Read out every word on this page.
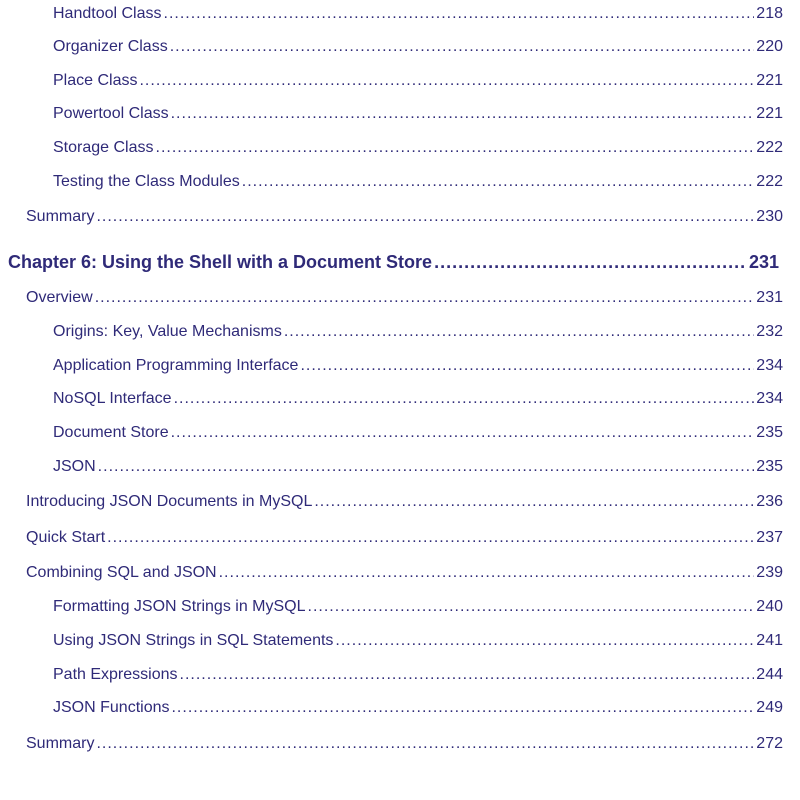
Handtool Class .....	218
Organizer Class .....	220
Place Class .....	221
Powertool Class .....	221
Storage Class .....	222
Testing the Class Modules .....	222
Summary .....	230
Chapter 6: Using the Shell with a Document Store .....	231
Overview .....	231
Origins: Key, Value Mechanisms .....	232
Application Programming Interface .....	234
NoSQL Interface .....	234
Document Store .....	235
JSON .....	235
Introducing JSON Documents in MySQL .....	236
Quick Start .....	237
Combining SQL and JSON .....	239
Formatting JSON Strings in MySQL .....	240
Using JSON Strings in SQL Statements .....	241
Path Expressions .....	244
JSON Functions .....	249
Summary .....	272
